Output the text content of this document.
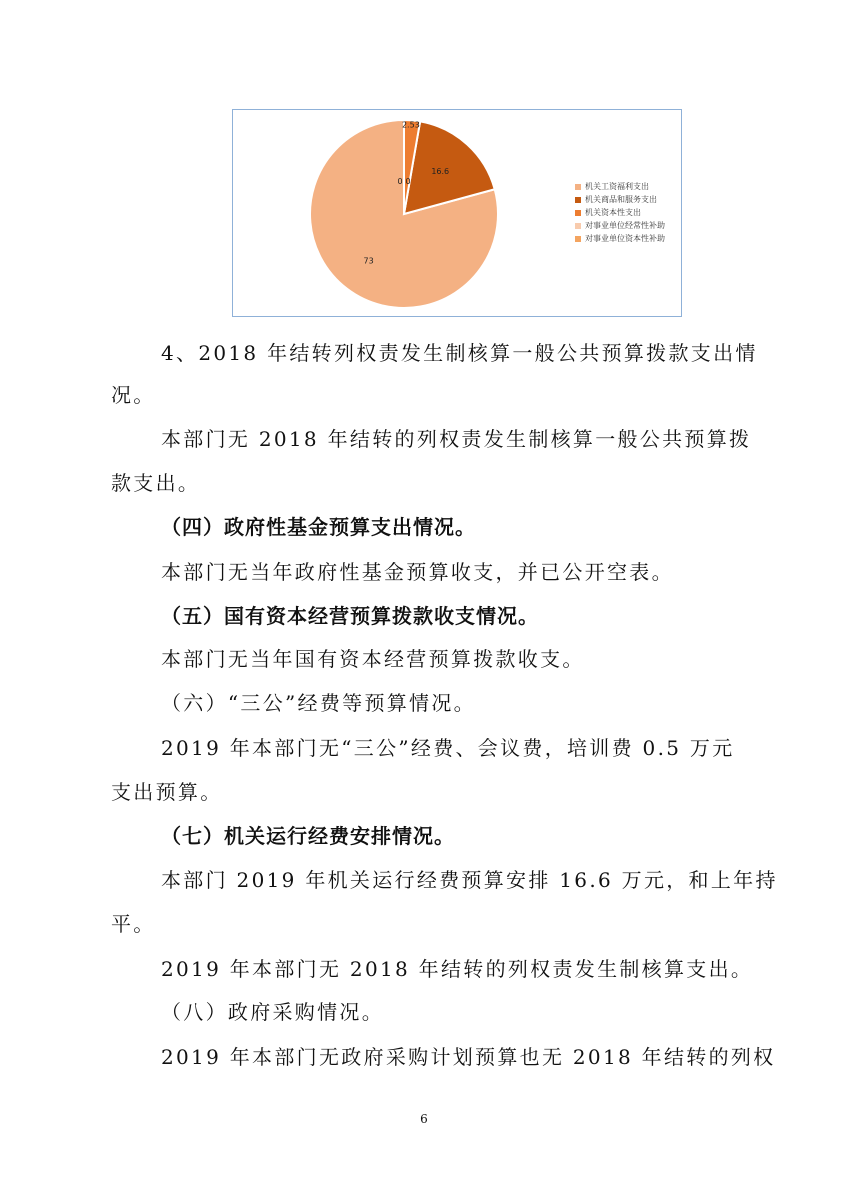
73
16.6
2.53
0 0
机关工资福利支出
机关商品和服务支出
机关资本性支出
对事业单位经常性补助
对事业单位资本性补助
4、2018 年结转列权责发生制核算一般公共预算拨款支出情
况。
本部门无 2018 年结转的列权责发生制核算一般公共预算拨
款支出。
（四）政府性基金预算支出情况。
本部门无当年政府性基金预算收支，并已公开空表。
（五）国有资本经营预算拨款收支情况。
本部门无当年国有资本经营预算拨款收支。
（六）“三公”经费等预算情况。
2019 年本部门无“三公”经费、会议费，培训费 0.5 万元
支出预算。
（七）机关运行经费安排情况。
本部门 2019 年机关运行经费预算安排 16.6 万元，和上年持
平。
2019 年本部门无 2018 年结转的列权责发生制核算支出。
（八）政府采购情况。
2019 年本部门无政府采购计划预算也无 2018 年结转的列权
6
